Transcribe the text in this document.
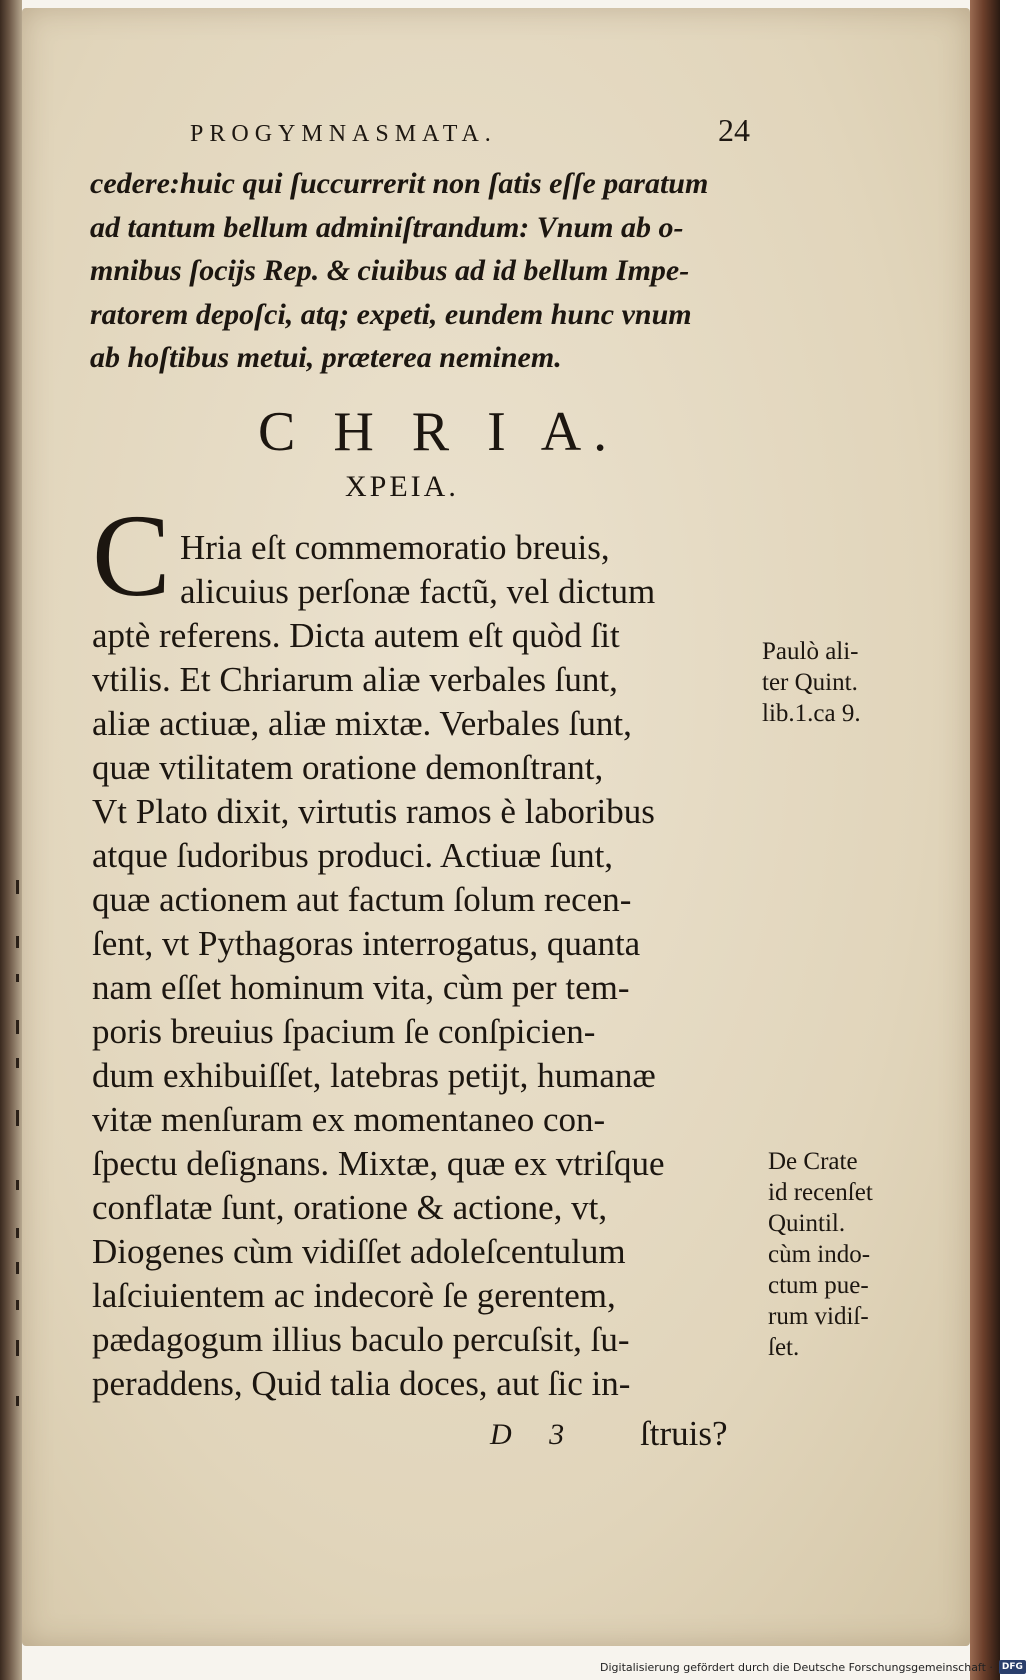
PROGYMNASMATA.	24
cedere:huic qui ſuccurrerit non ſatis eſſe paratum
ad tantum bellum adminiſtrandum: Vnum ab o-
mnibus ſocijs Rep. & ciuibus ad id bellum Impe-
ratorem depoſci, atq; expeti, eundem hunc vnum
ab hoſtibus metui, præterea neminem.
C H R I A.
XPEIA.
C Hria eſt commemoratio breuis,
alicuius perſonæ factũ, vel dictum
aptè referens. Dicta autem eſt quòd ſit
vtilis. Et Chriarum aliæ verbales ſunt,
aliæ actiuæ, aliæ mixtæ. Verbales ſunt,
quæ vtilitatem oratione demonſtrant,
Vt Plato dixit, virtutis ramos è laboribus
atque ſudoribus produci. Actiuæ ſunt,
quæ actionem aut factum ſolum recen-
ſent, vt Pythagoras interrogatus, quanta
nam eſſet hominum vita, cùm per tem-
poris breuius ſpacium ſe conſpicien-
dum exhibuiſſet, latebras petijt, humanæ
vitæ menſuram ex momentaneo con-
ſpectu deſignans. Mixtæ, quæ ex vtriſque
conflatæ ſunt, oratione & actione, vt,
Diogenes cùm vidiſſet adoleſcentulum
laſciuientem ac indecorè ſe gerentem,
pædagogum illius baculo percuſsit, ſu-
peraddens, Quid talia doces, aut ſic in-
Paulò ali-
ter Quint.
lib.1.ca 9.
De Crate
id recenſet
Quintil.
cùm indo-
ctum pue-
rum vidiſ-
ſet.
D 3 ſtruis?
Digitalisierung gefördert durch die Deutsche Forschungsgemeinschaft ·	DFG
